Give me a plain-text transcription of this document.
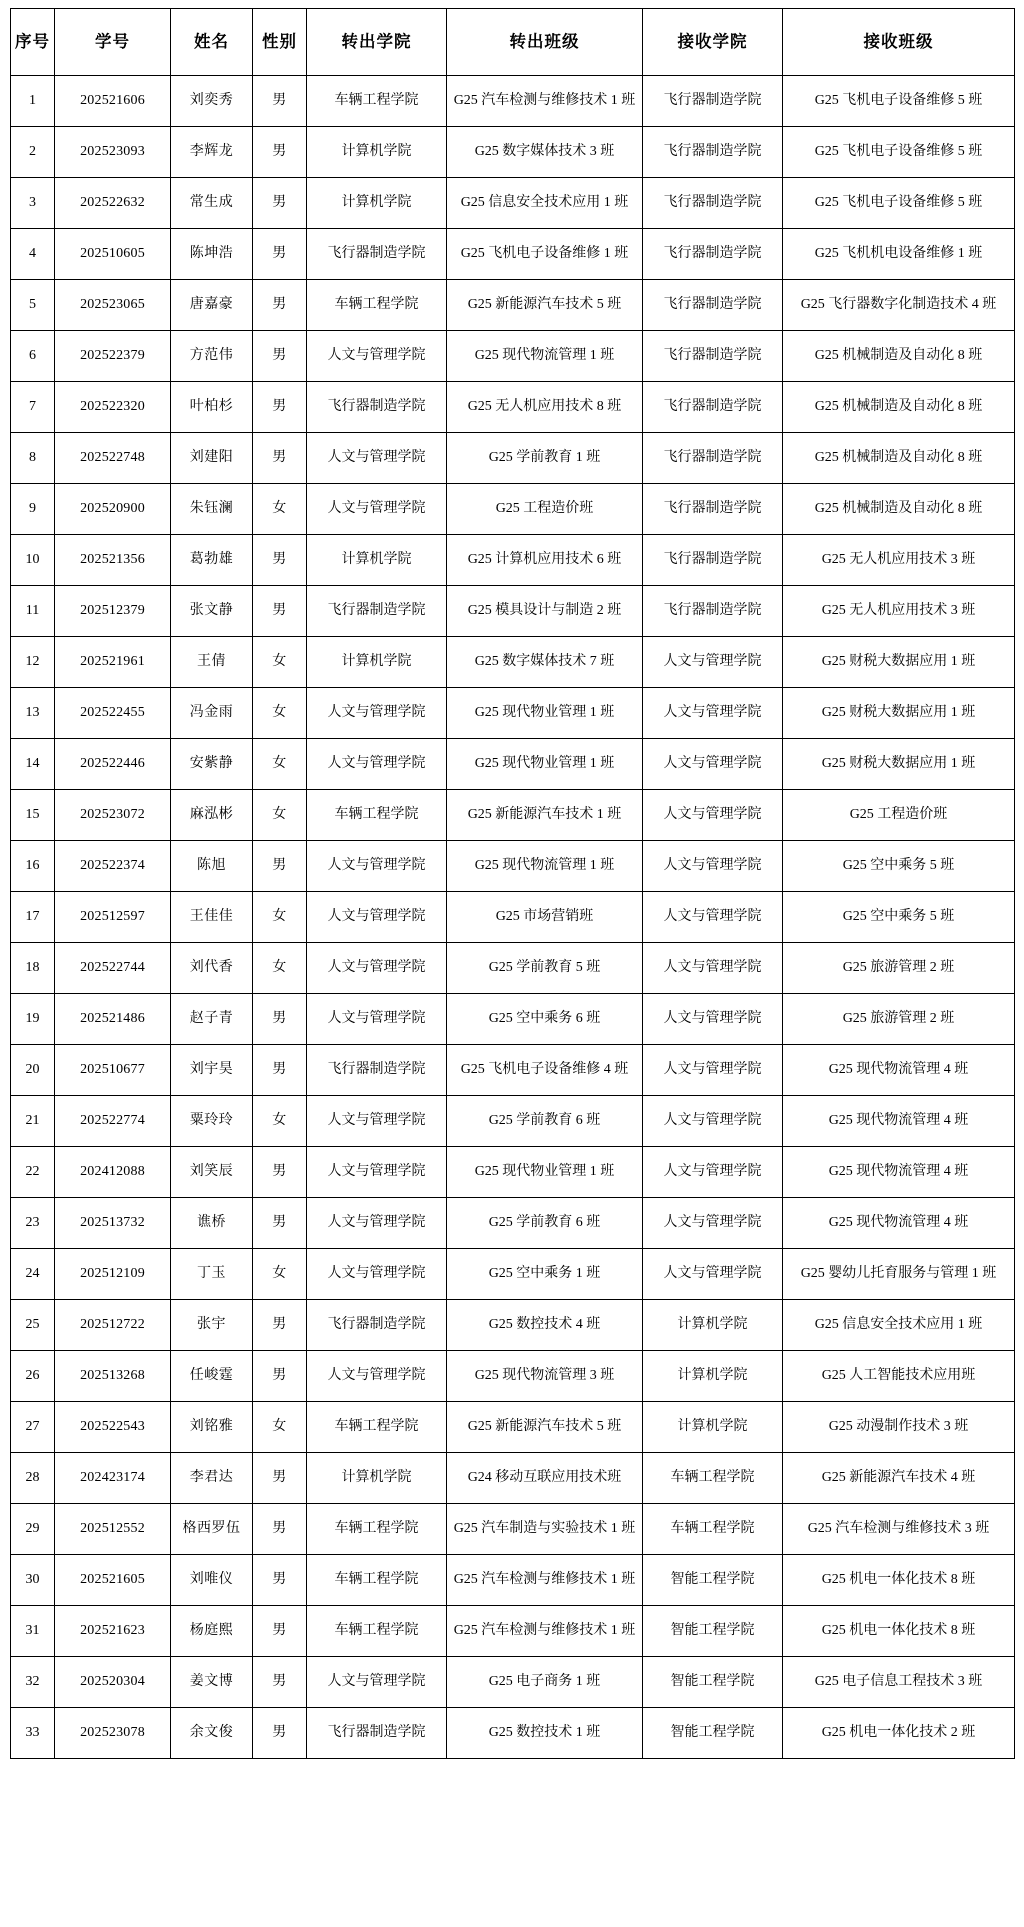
序号	学号	姓名	性别	转出学院	转出班级	接收学院	接收班级
1	202521606	刘奕秀	男	车辆工程学院	G25 汽车检测与维修技术 1 班	飞行器制造学院	G25 飞机电子设备维修 5 班
2	202523093	李辉龙	男	计算机学院	G25 数字媒体技术 3 班	飞行器制造学院	G25 飞机电子设备维修 5 班
3	202522632	常生成	男	计算机学院	G25 信息安全技术应用 1 班	飞行器制造学院	G25 飞机电子设备维修 5 班
4	202510605	陈坤浩	男	飞行器制造学院	G25 飞机电子设备维修 1 班	飞行器制造学院	G25 飞机机电设备维修 1 班
5	202523065	唐嘉豪	男	车辆工程学院	G25 新能源汽车技术 5 班	飞行器制造学院	G25 飞行器数字化制造技术 4 班
6	202522379	方范伟	男	人文与管理学院	G25 现代物流管理 1 班	飞行器制造学院	G25 机械制造及自动化 8 班
7	202522320	叶柏杉	男	飞行器制造学院	G25 无人机应用技术 8 班	飞行器制造学院	G25 机械制造及自动化 8 班
8	202522748	刘建阳	男	人文与管理学院	G25 学前教育 1 班	飞行器制造学院	G25 机械制造及自动化 8 班
9	202520900	朱钰澜	女	人文与管理学院	G25 工程造价班	飞行器制造学院	G25 机械制造及自动化 8 班
10	202521356	葛勃雄	男	计算机学院	G25 计算机应用技术 6 班	飞行器制造学院	G25 无人机应用技术 3 班
11	202512379	张文静	男	飞行器制造学院	G25 模具设计与制造 2 班	飞行器制造学院	G25 无人机应用技术 3 班
12	202521961	王倩	女	计算机学院	G25 数字媒体技术 7 班	人文与管理学院	G25 财税大数据应用 1 班
13	202522455	冯金雨	女	人文与管理学院	G25 现代物业管理 1 班	人文与管理学院	G25 财税大数据应用 1 班
14	202522446	安紫静	女	人文与管理学院	G25 现代物业管理 1 班	人文与管理学院	G25 财税大数据应用 1 班
15	202523072	麻泓彬	女	车辆工程学院	G25 新能源汽车技术 1 班	人文与管理学院	G25 工程造价班
16	202522374	陈旭	男	人文与管理学院	G25 现代物流管理 1 班	人文与管理学院	G25 空中乘务 5 班
17	202512597	王佳佳	女	人文与管理学院	G25 市场营销班	人文与管理学院	G25 空中乘务 5 班
18	202522744	刘代香	女	人文与管理学院	G25 学前教育 5 班	人文与管理学院	G25 旅游管理 2 班
19	202521486	赵子青	男	人文与管理学院	G25 空中乘务 6 班	人文与管理学院	G25 旅游管理 2 班
20	202510677	刘宇昊	男	飞行器制造学院	G25 飞机电子设备维修 4 班	人文与管理学院	G25 现代物流管理 4 班
21	202522774	粟玲玲	女	人文与管理学院	G25 学前教育 6 班	人文与管理学院	G25 现代物流管理 4 班
22	202412088	刘笑辰	男	人文与管理学院	G25 现代物业管理 1 班	人文与管理学院	G25 现代物流管理 4 班
23	202513732	谯桥	男	人文与管理学院	G25 学前教育 6 班	人文与管理学院	G25 现代物流管理 4 班
24	202512109	丁玉	女	人文与管理学院	G25 空中乘务 1 班	人文与管理学院	G25 婴幼儿托育服务与管理 1 班
25	202512722	张宇	男	飞行器制造学院	G25 数控技术 4 班	计算机学院	G25 信息安全技术应用 1 班
26	202513268	任峻霆	男	人文与管理学院	G25 现代物流管理 3 班	计算机学院	G25 人工智能技术应用班
27	202522543	刘铭雅	女	车辆工程学院	G25 新能源汽车技术 5 班	计算机学院	G25 动漫制作技术 3 班
28	202423174	李君达	男	计算机学院	G24 移动互联应用技术班	车辆工程学院	G25 新能源汽车技术 4 班
29	202512552	格西罗伍	男	车辆工程学院	G25 汽车制造与实验技术 1 班	车辆工程学院	G25 汽车检测与维修技术 3 班
30	202521605	刘唯仪	男	车辆工程学院	G25 汽车检测与维修技术 1 班	智能工程学院	G25 机电一体化技术 8 班
31	202521623	杨庭熙	男	车辆工程学院	G25 汽车检测与维修技术 1 班	智能工程学院	G25 机电一体化技术 8 班
32	202520304	姜文博	男	人文与管理学院	G25 电子商务 1 班	智能工程学院	G25 电子信息工程技术 3 班
33	202523078	余文俊	男	飞行器制造学院	G25 数控技术 1 班	智能工程学院	G25 机电一体化技术 2 班
